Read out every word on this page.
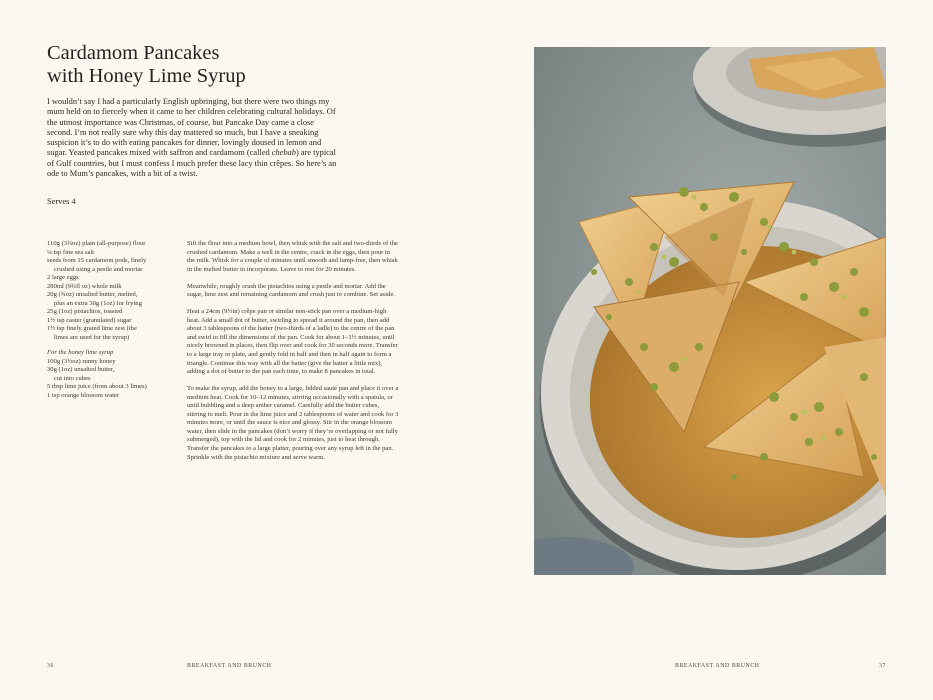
Cardamom Pancakes
with Honey Lime Syrup

I wouldn’t say I had a particularly English upbringing, but there were two things my mum held on to fiercely when it came to her children celebrating cultural holidays. Of the utmost importance was Christmas, of course, but Pancake Day came a close second. I’m not really sure why this day mattered so much, but I have a sneaking suspicion it’s to do with eating pancakes for dinner, lovingly doused in lemon and sugar. Yeasted pancakes mixed with saffron and cardamom (called chebab) are typical of Gulf countries, but I must confess I much prefer these lacy thin crêpes. So here’s an ode to Mum’s pancakes, with a bit of a twist.

Serves 4
110g (3¾oz) plain (all-purpose) flour
¼ tsp fine sea salt
seeds from 15 cardamom pods, finely
crushed using a pestle and mortar
2 large eggs
280ml (9¾fl oz) whole milk
20g (¾oz) unsalted butter, melted,
plus an extra 30g (1oz) for frying
25g (1oz) pistachios, toasted
1½ tsp caster (granulated) sugar
1½ tsp finely grated lime zest (the
limes are used for the syrup)
For the honey lime syrup
100g (3½oz) runny honey
30g (1oz) unsalted butter,
cut into cubes
5 tbsp lime juice (from about 3 limes)
1 tsp orange blossom water

Sift the flour into a medium bowl, then whisk with the salt and two-thirds of the crushed cardamom. Make a well in the centre, crack in the eggs, then pour in the milk. Whisk for a couple of minutes until smooth and lump-free, then whisk in the melted butter to incorporate. Leave to rest for 20 minutes.

Meanwhile, roughly crush the pistachios using a pestle and mortar. Add the sugar, lime zest and remaining cardamom and crush just to combine. Set aside.

Heat a 24cm (9½in) crêpe pan or similar non-stick pan over a medium-high heat. Add a small dot of butter, swirling to spread it around the pan, then add about 3 tablespoons of the batter (two-thirds of a ladle) to the centre of the pan and swirl to fill the dimensions of the pan. Cook for about 1–1½ minutes, until nicely browned in places, then flip over and cook for 30 seconds more. Transfer to a large tray or plate, and gently fold in half and then in half again to form a triangle. Continue this way with all the batter (give the batter a little mix), adding a dot of butter to the pan each time, to make 8 pancakes in total.

To make the syrup, add the honey to a large, lidded sauté pan and place it over a medium heat. Cook for 10–12 minutes, stirring occasionally with a spatula, or until bubbling and a deep amber caramel. Carefully add the butter cubes, stirring to melt. Pour in the lime juice and 2 tablespoons of water and cook for 3 minutes more, or until the sauce is nice and glossy. Stir in the orange blossom water, then slide in the pancakes (don’t worry if they’re overlapping or not fully submerged), top with the lid and cook for 2 minutes, just to heat through. Transfer the pancakes to a large platter, pouring over any syrup left in the pan. Sprinkle with the pistachio mixture and serve warm.

36	BREAKFAST AND BRUNCH	BREAKFAST AND BRUNCH	37
